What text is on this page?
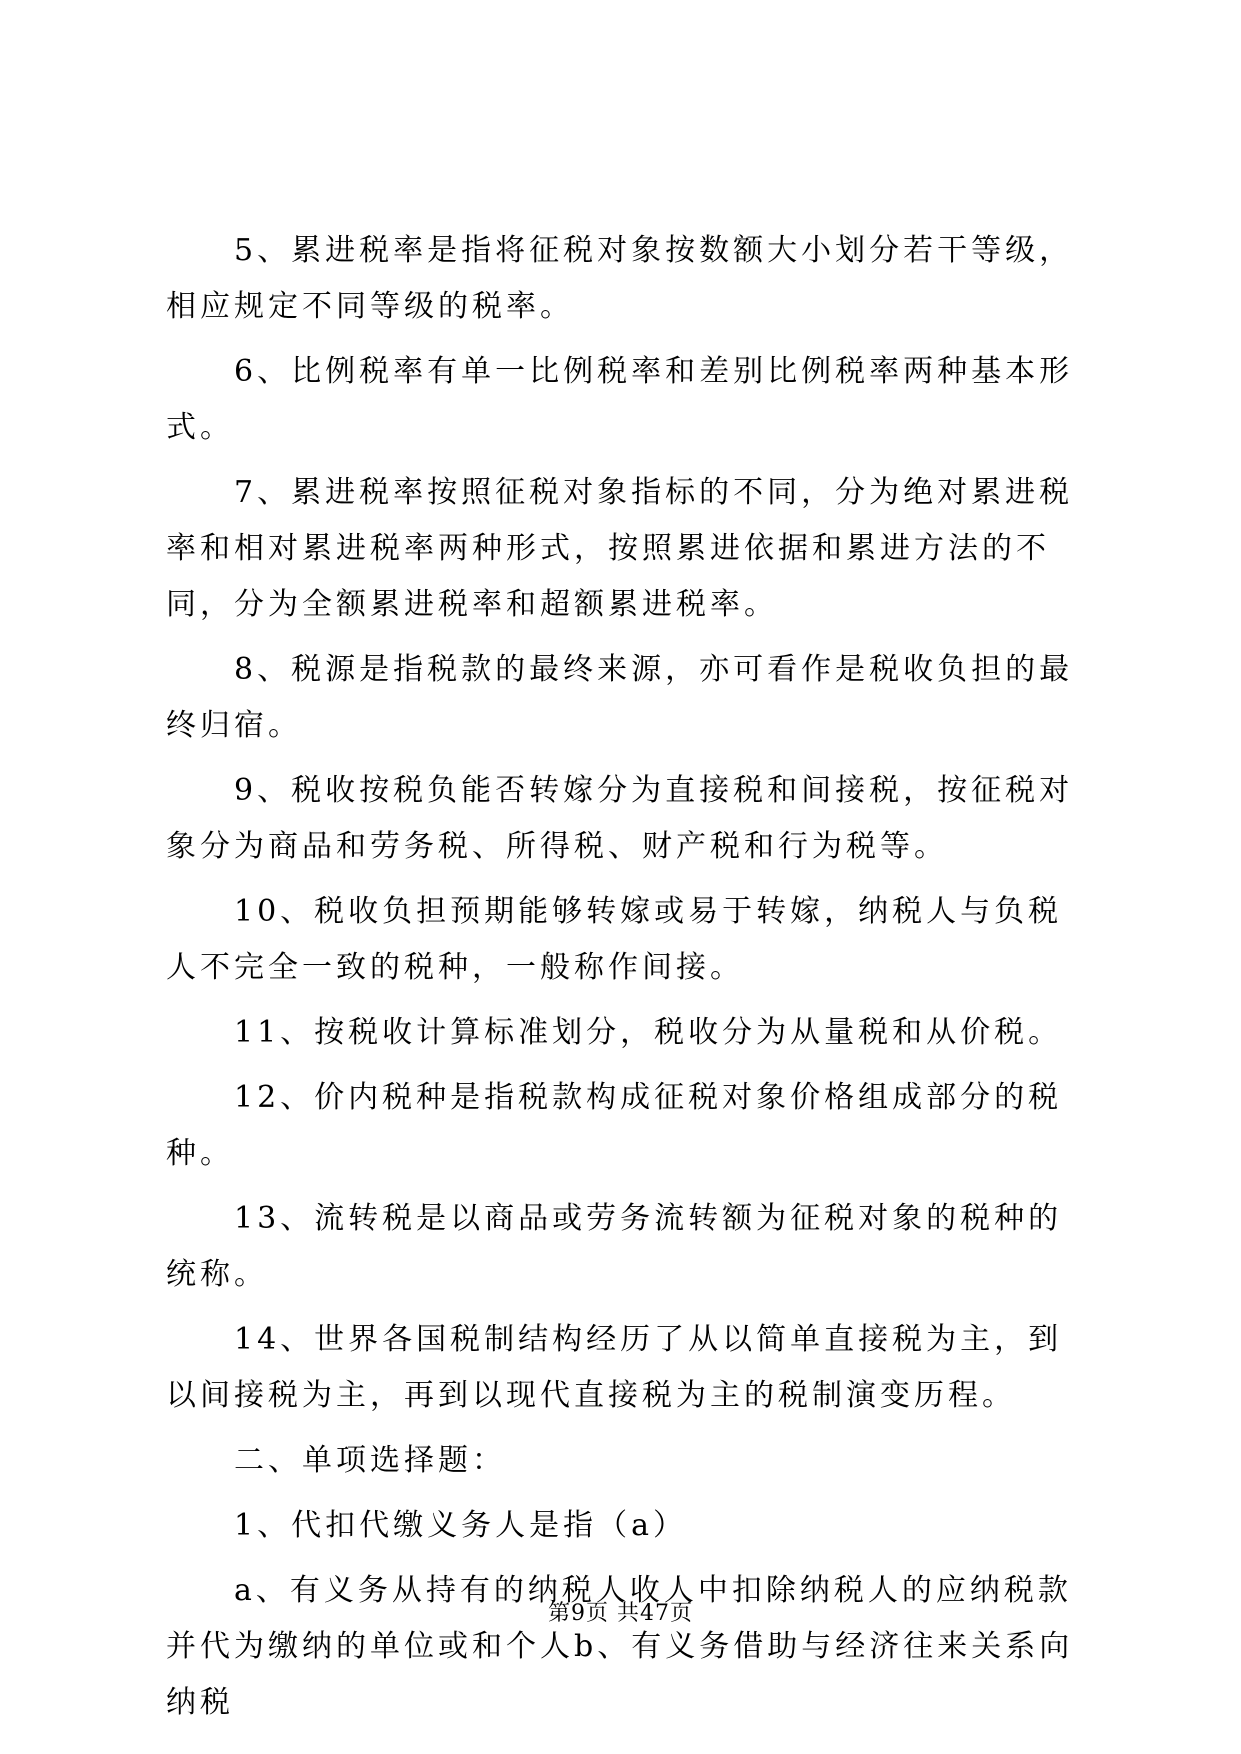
5、累进税率是指将征税对象按数额大小划分若干等级，相应规定不同等级的税率。

6、比例税率有单一比例税率和差别比例税率两种基本形式。

7、累进税率按照征税对象指标的不同，分为绝对累进税率和相对累进税率两种形式，按照累进依据和累进方法的不同，分为全额累进税率和超额累进税率。

8、税源是指税款的最终来源，亦可看作是税收负担的最终归宿。

9、税收按税负能否转嫁分为直接税和间接税，按征税对象分为商品和劳务税、所得税、财产税和行为税等。

10、税收负担预期能够转嫁或易于转嫁，纳税人与负税人不完全一致的税种，一般称作间接。

11、按税收计算标准划分，税收分为从量税和从价税。

12、价内税种是指税款构成征税对象价格组成部分的税种。

13、流转税是以商品或劳务流转额为征税对象的税种的统称。

14、世界各国税制结构经历了从以简单直接税为主，到以间接税为主，再到以现代直接税为主的税制演变历程。

二、单项选择题：

1、代扣代缴义务人是指（a）

a、有义务从持有的纳税人收人中扣除纳税人的应纳税款并代为缴纳的单位或和个人b、有义务借助与经济往来关系向纳税

第9页 共47页
